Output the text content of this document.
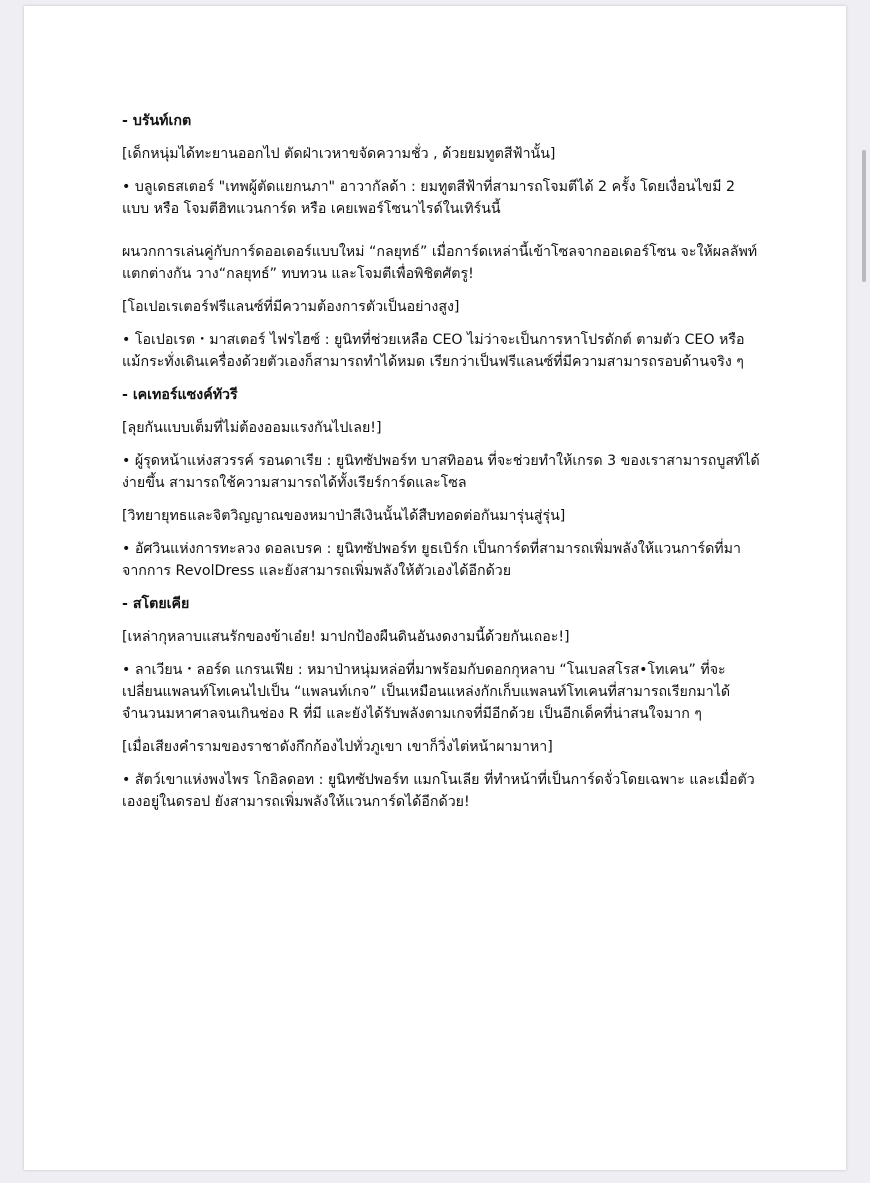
- บรันท์เกต
[เด็กหนุ่มได้ทะยานออกไป ตัดฝ่าเวหาขจัดความชั่ว , ด้วยยมทูตสีฟ้านั้น]
• บลูเดธสเตอร์ "เทพผู้ตัดแยกนภา" อาวากัลด้า : ยมทูตสีฟ้าที่สามารถโจมตีได้ 2 ครั้ง โดยเงื่อนไขมี 2 แบบ หรือ โจมตีฮิทแวนการ์ด หรือ เคยเพอร์โซนาไรด์ในเทิร์นนี้
ผนวกการเล่นคู่กับการ์ดออเดอร์แบบใหม่ “กลยุทธ์” เมื่อการ์ดเหล่านี้เข้าโซลจากออเดอร์โซน จะให้ผลลัพท์แตกต่างกัน วาง“กลยุทธ์” ทบทวน และโจมตีเพื่อพิชิตศัตรู!
[โอเปอเรเตอร์ฟรีแลนซ์ที่มีความต้องการตัวเป็นอย่างสูง]
• โอเปอเรต・มาสเตอร์ ไฟรไฮซ์ : ยูนิทที่ช่วยเหลือ CEO ไม่ว่าจะเป็นการหาโปรดักต์ ตามตัว CEO หรือแม้กระทั่งเดินเครื่องด้วยตัวเองก็สามารถทำได้หมด เรียกว่าเป็นฟรีแลนซ์ที่มีความสามารถรอบด้านจริง ๆ
- เคเทอร์แซงค์ทัวรี
[ลุยกันแบบเต็มที่ไม่ต้องออมแรงกันไปเลย!]
• ผู้รุดหน้าแห่งสวรรค์ รอนดาเรีย : ยูนิทซัปพอร์ท บาสทิออน ที่จะช่วยทำให้เกรด 3 ของเราสามารถบูสท์ได้ง่ายขึ้น สามารถใช้ความสามารถได้ทั้งเรียร์การ์ดและโซล
[วิทยายุทธและจิตวิญญาณของหมาป่าสีเงินนั้นได้สืบทอดต่อกันมารุ่นสู่รุ่น]
• อัศวินแห่งการทะลวง ดอลเบรค : ยูนิทซัปพอร์ท ยูธเบิร์ก เป็นการ์ดที่สามารถเพิ่มพลังให้แวนการ์ดที่มาจากการ RevolDress และยังสามารถเพิ่มพลังให้ตัวเองได้อีกด้วย
- สโตยเคีย
[เหล่ากุหลาบแสนรักของข้าเอ๋ย! มาปกป้องผืนดินอันงดงามนี้ด้วยกันเถอะ!]
• ลาเวียน・ลอร์ด แกรนเฟีย : หมาป่าหนุ่มหล่อที่มาพร้อมกับดอกกุหลาบ “โนเบลสโรส•โทเคน” ที่จะเปลี่ยนแพลนท์โทเคนไปเป็น “แพลนท์เกจ” เป็นเหมือนแหล่งกักเก็บแพลนท์โทเคนที่สามารถเรียกมาได้จำนวนมหาศาลจนเกินช่อง R ที่มี และยังได้รับพลังตามเกจที่มีอีกด้วย เป็นอีกเด็คที่น่าสนใจมาก ๆ
[เมื่อเสียงคำรามของราชาดังกึกก้องไปทั่วภูเขา เขาก็วิ่งไต่หน้าผามาหา]
• สัตว์เขาแห่งพงไพร โกอิลดอท : ยูนิทซัปพอร์ท แมกโนเลีย ที่ทำหน้าที่เป็นการ์ดจั่วโดยเฉพาะ และเมื่อตัวเองอยู่ในดรอป ยังสามารถเพิ่มพลังให้แวนการ์ดได้อีกด้วย!
